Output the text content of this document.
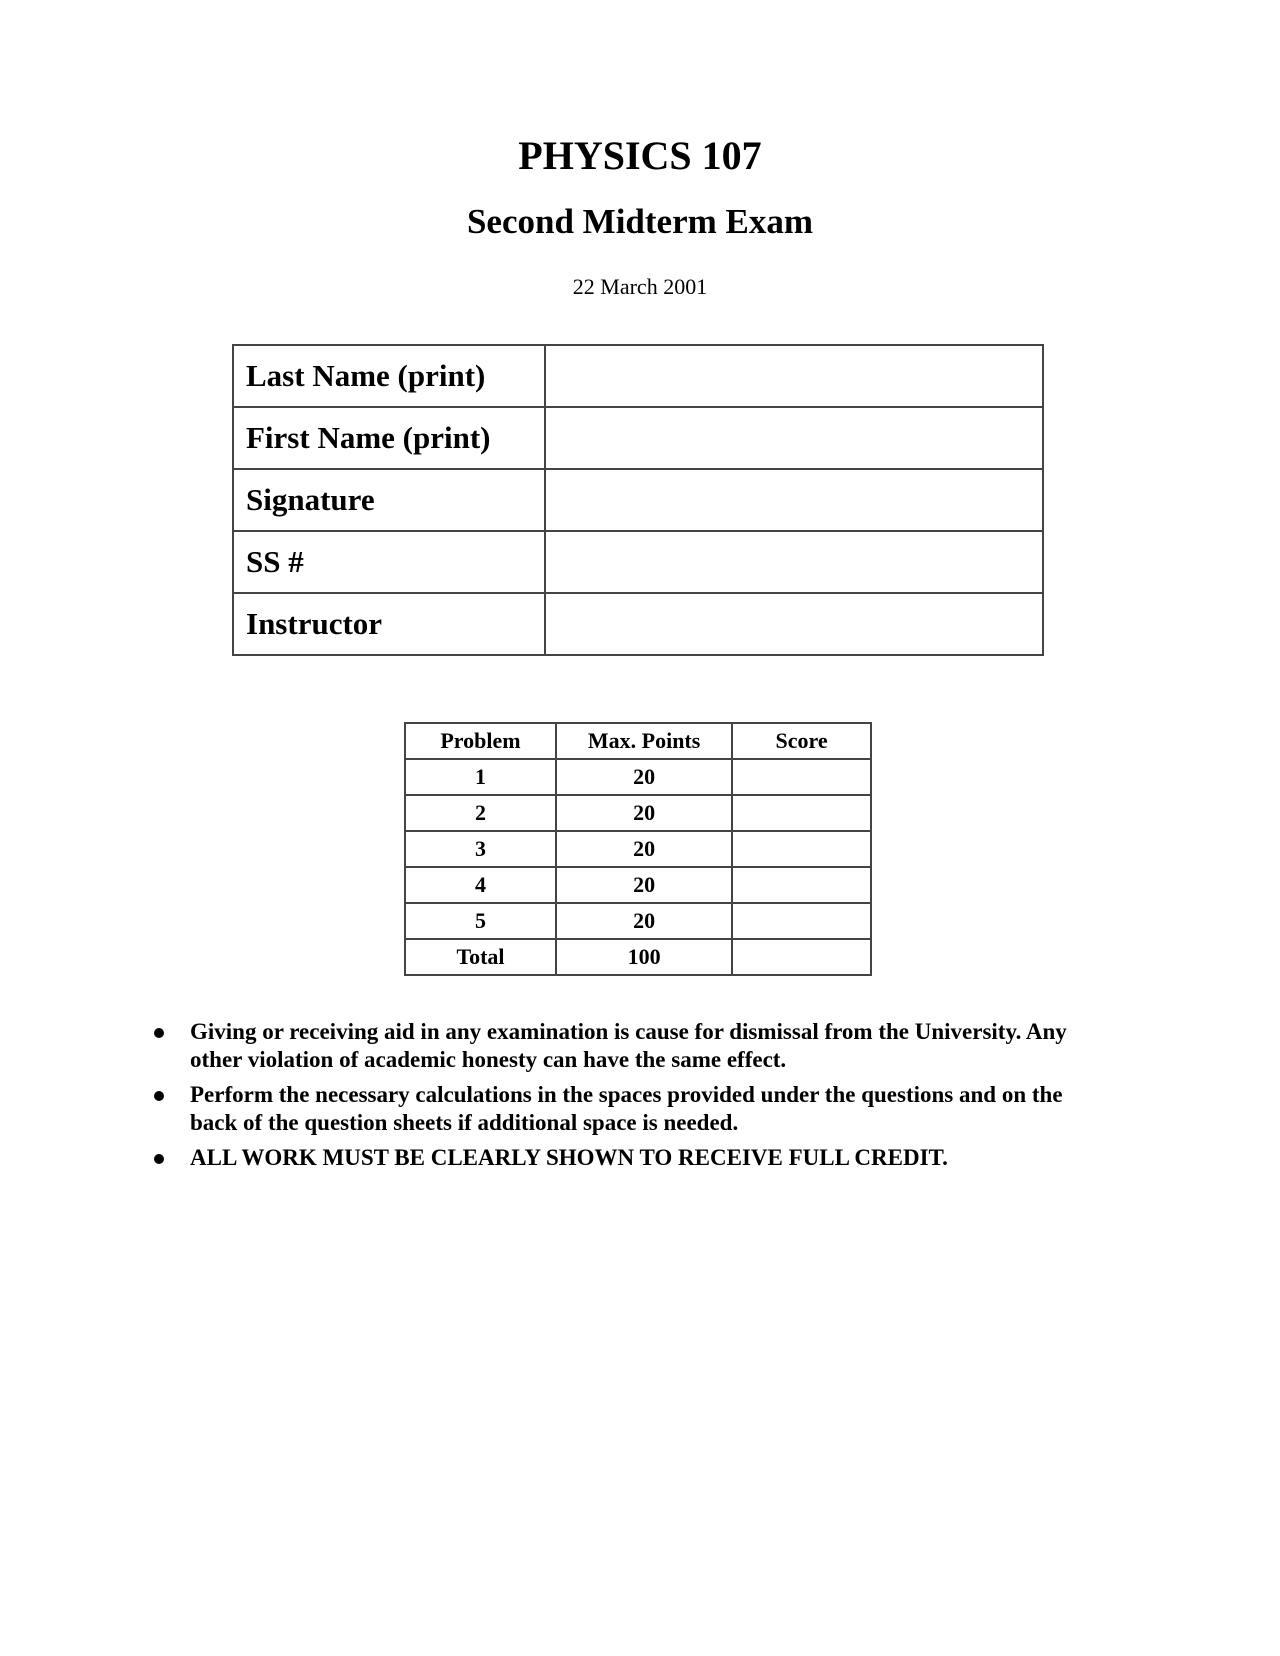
PHYSICS 107
Second Midterm Exam
22 March 2001
Last Name (print)	
First Name (print)	
Signature	
SS #	
Instructor	
Problem	Max. Points	Score
1	20	
2	20	
3	20	
4	20	
5	20	
Total	100	
Giving or receiving aid in any examination is cause for dismissal from the University. Any other violation of academic honesty can have the same effect.
Perform the necessary calculations in the spaces provided under the questions and on the back of the question sheets if additional space is needed.
ALL WORK MUST BE CLEARLY SHOWN TO RECEIVE FULL CREDIT.
